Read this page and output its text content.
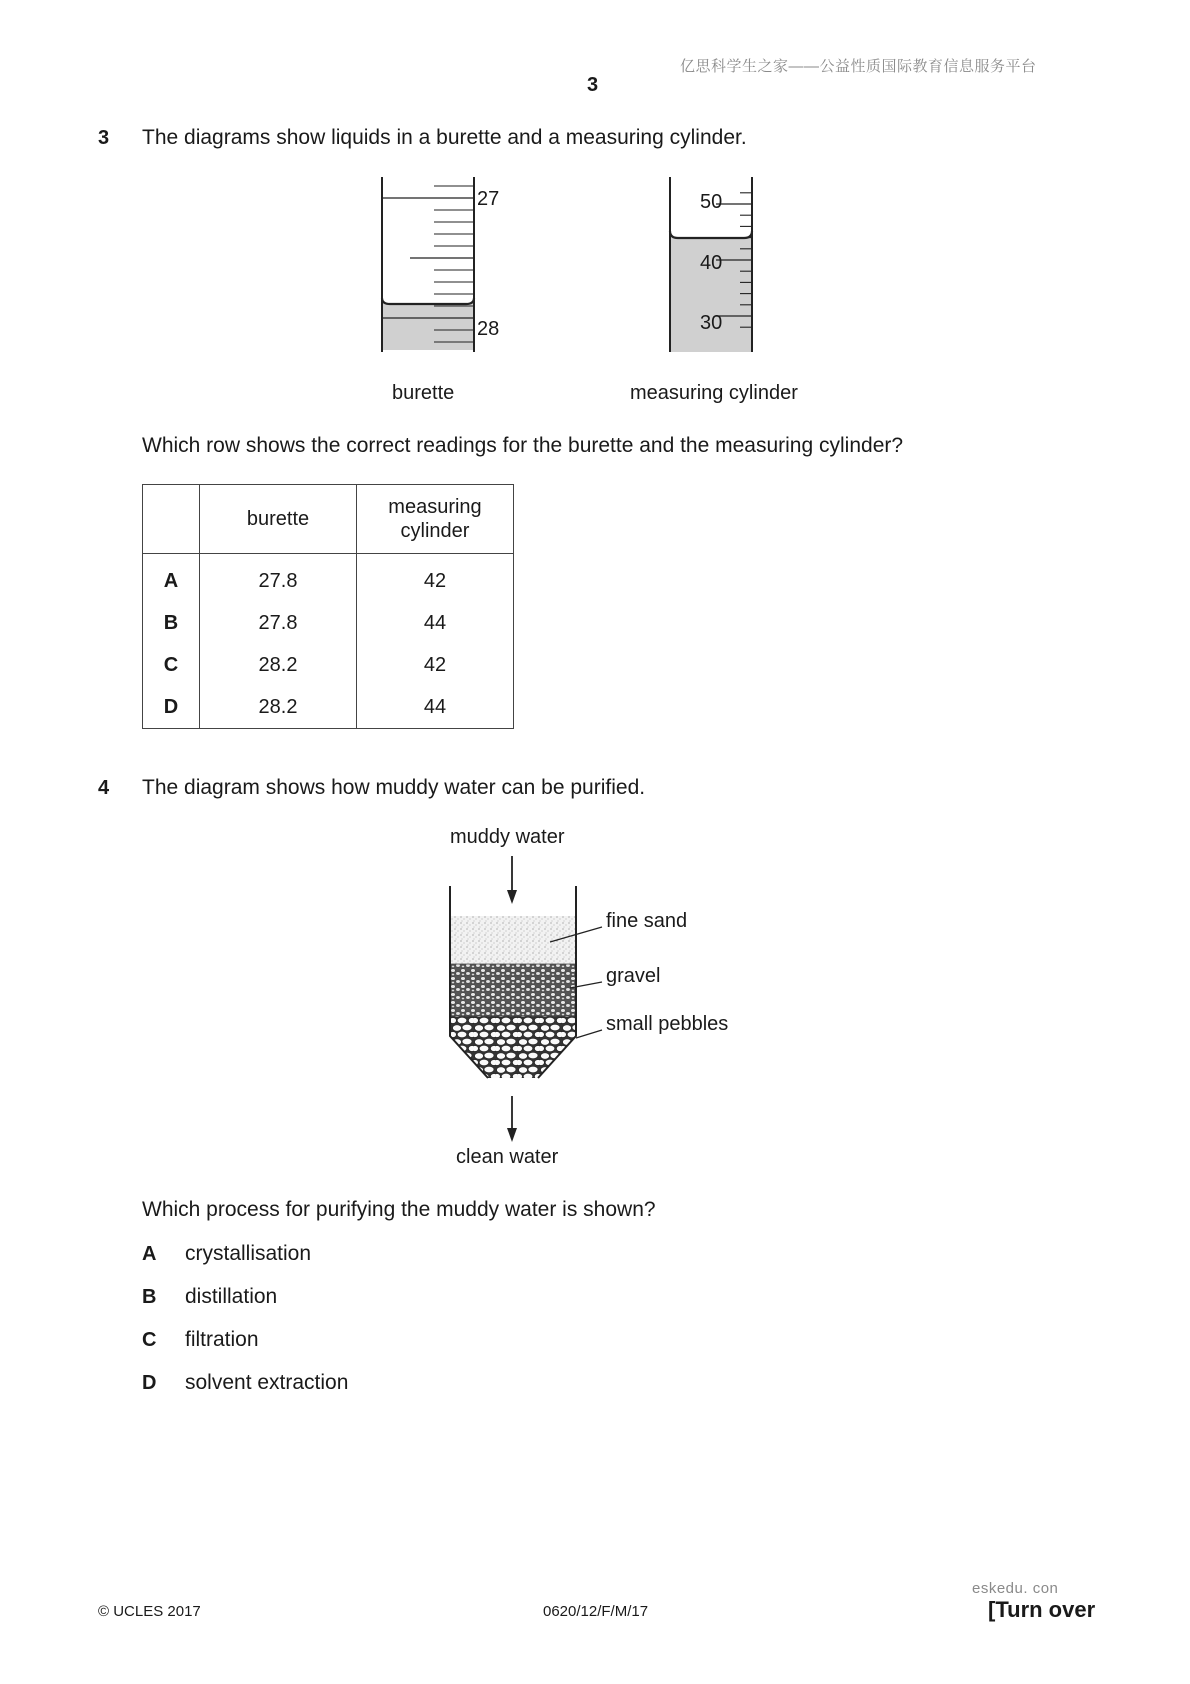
亿思科学生之家——公益性质国际教育信息服务平台
3
3 The diagrams show liquids in a burette and a measuring cylinder.
27
28
burette
50
40
30
measuring cylinder
Which row shows the correct readings for the burette and the measuring cylinder?
	burette	measuring
cylinder
A	27.8	42
B	27.8	44
C	28.2	42
D	28.2	44
4 The diagram shows how muddy water can be purified.
muddy water
fine sand
gravel
small pebbles
clean water
Which process for purifying the muddy water is shown?
A crystallisation
B distillation
C filtration
D solvent extraction
eskedu. con
© UCLES 2017	0620/12/F/M/17	[Turn over
